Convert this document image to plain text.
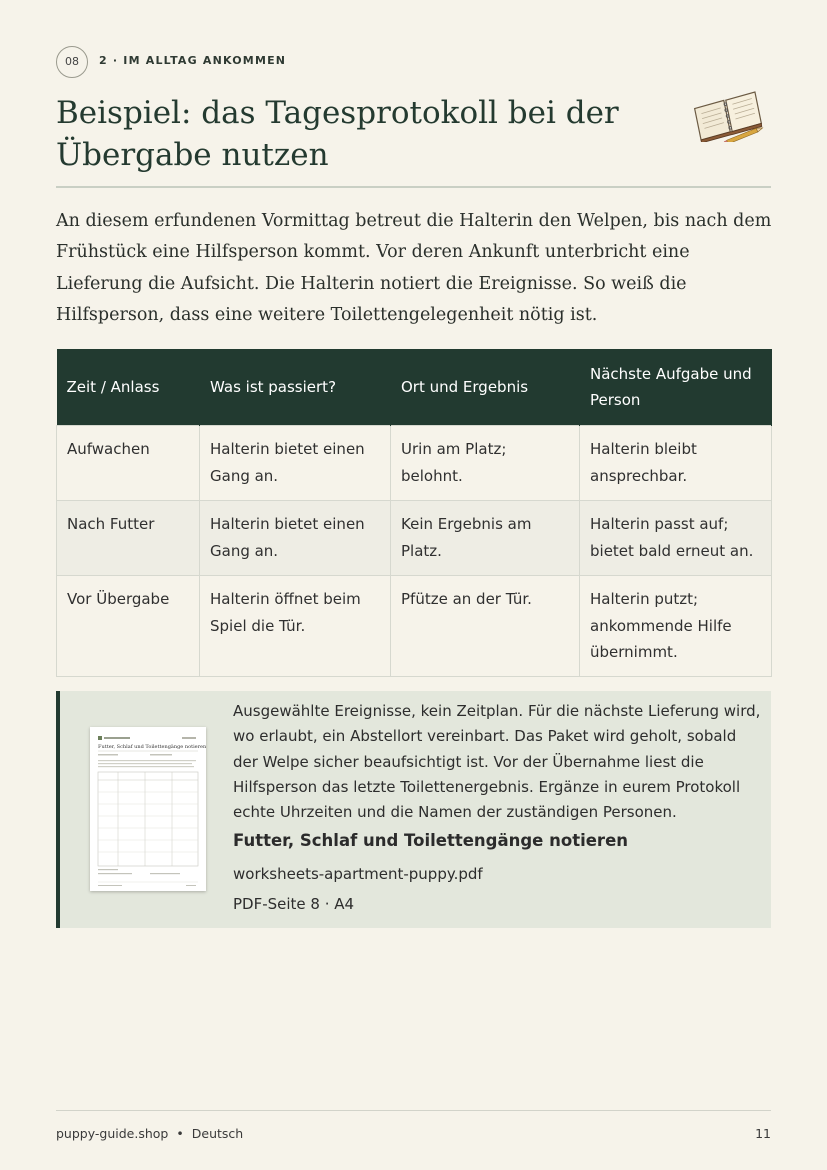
08	2 · IM ALLTAG ANKOMMEN
Beispiel: das Tagesprotokoll bei der Übergabe nutzen

An diesem erfundenen Vormittag betreut die Halterin den Welpen, bis nach dem Frühstück eine Hilfsperson kommt. Vor deren Ankunft unterbricht eine Lieferung die Aufsicht. Die Halterin notiert die Ereignisse. So weiß die Hilfsperson, dass eine weitere Toilettengelegenheit nötig ist.

Zeit / Anlass	Was ist passiert?	Ort und Ergebnis	Nächste Aufgabe und Person
Aufwachen	Halterin bietet einen Gang an.	Urin am Platz; belohnt.	Halterin bleibt ansprechbar.
Nach Futter	Halterin bietet einen Gang an.	Kein Ergebnis am Platz.	Halterin passt auf; bietet bald erneut an.
Vor Übergabe	Halterin öffnet beim Spiel die Tür.	Pfütze an der Tür.	Halterin putzt; ankommende Hilfe übernimmt.
Futter, Schlaf und Toilettengänge notieren

Ausgewählte Ereignisse, kein Zeitplan. Für die nächste Lieferung wird, wo erlaubt, ein Abstellort vereinbart. Das Paket wird geholt, sobald der Welpe sicher beaufsichtigt ist. Vor der Übernahme liest die Hilfsperson das letzte Toilettenergebnis. Ergänze in eurem Protokoll echte Uhrzeiten und die Namen der zuständigen Personen.

Futter, Schlaf und Toilettengänge notieren
worksheets-apartment-puppy.pdf
PDF-Seite 8 · A4
puppy-guide.shop • Deutsch	11
